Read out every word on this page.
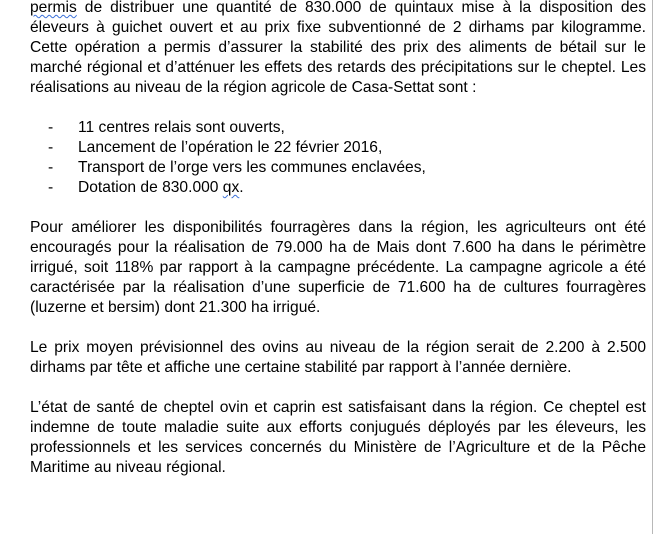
permis de distribuer une quantité de 830.000 de quintaux mise à la disposition des éleveurs à guichet ouvert et au prix fixe subventionné de 2 dirhams par kilogramme. Cette opération a permis d’assurer la stabilité des prix des aliments de bétail sur le marché régional et d’atténuer les effets des retards des précipitations sur le cheptel. Les réalisations au niveau de la région agricole de Casa-Settat sont :

- 11 centres relais sont ouverts,
- Lancement de l’opération le 22 février 2016,
- Transport de l’orge vers les communes enclavées,
- Dotation de 830.000 qx.

Pour améliorer les disponibilités fourragères dans la région, les agriculteurs ont été encouragés pour la réalisation de 79.000 ha de Mais dont 7.600 ha dans le périmètre irrigué, soit 118% par rapport à la campagne précédente. La campagne agricole a été caractérisée par la réalisation d’une superficie de 71.600 ha de cultures fourragères (luzerne et bersim) dont 21.300 ha irrigué.

Le prix moyen prévisionnel des ovins au niveau de la région serait de 2.200 à 2.500 dirhams par tête et affiche une certaine stabilité par rapport à l’année dernière.

L’état de santé de cheptel ovin et caprin est satisfaisant dans la région. Ce cheptel est indemne de toute maladie suite aux efforts conjugués déployés par les éleveurs, les professionnels et les services concernés du Ministère de l’Agriculture et de la Pêche Maritime au niveau régional.
